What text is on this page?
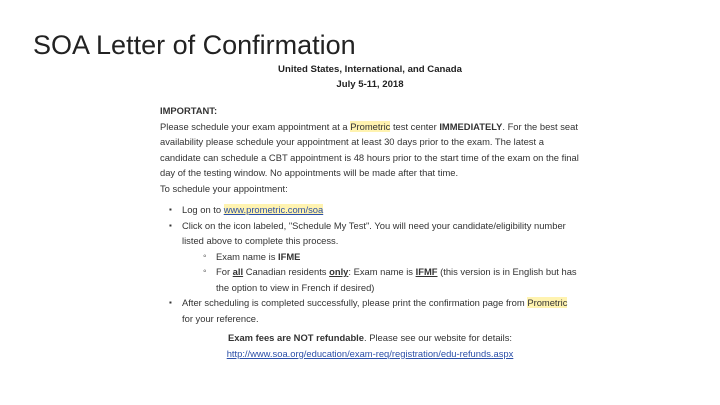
SOA Letter of Confirmation
United States, International, and Canada
July 5-11, 2018
IMPORTANT:

Please schedule your exam appointment at a Prometric test center IMMEDIATELY. For the best seat availability please schedule your appointment at least 30 days prior to the exam. The latest a candidate can schedule a CBT appointment is 48 hours prior to the start time of the exam on the final day of the testing window. No appointments will be made after that time.

To schedule your appointment:

▪ Log on to www.prometric.com/soa
▪ Click on the icon labeled, "Schedule My Test". You will need your candidate/eligibility number listed above to complete this process.
◦ Exam name is IFME
◦ For all Canadian residents only: Exam name is IFMF (this version is in English but has the option to view in French if desired)
▪ After scheduling is completed successfully, please print the confirmation page from Prometric for your reference.
Exam fees are NOT refundable. Please see our website for details:
http://www.soa.org/education/exam-req/registration/edu-refunds.aspx
